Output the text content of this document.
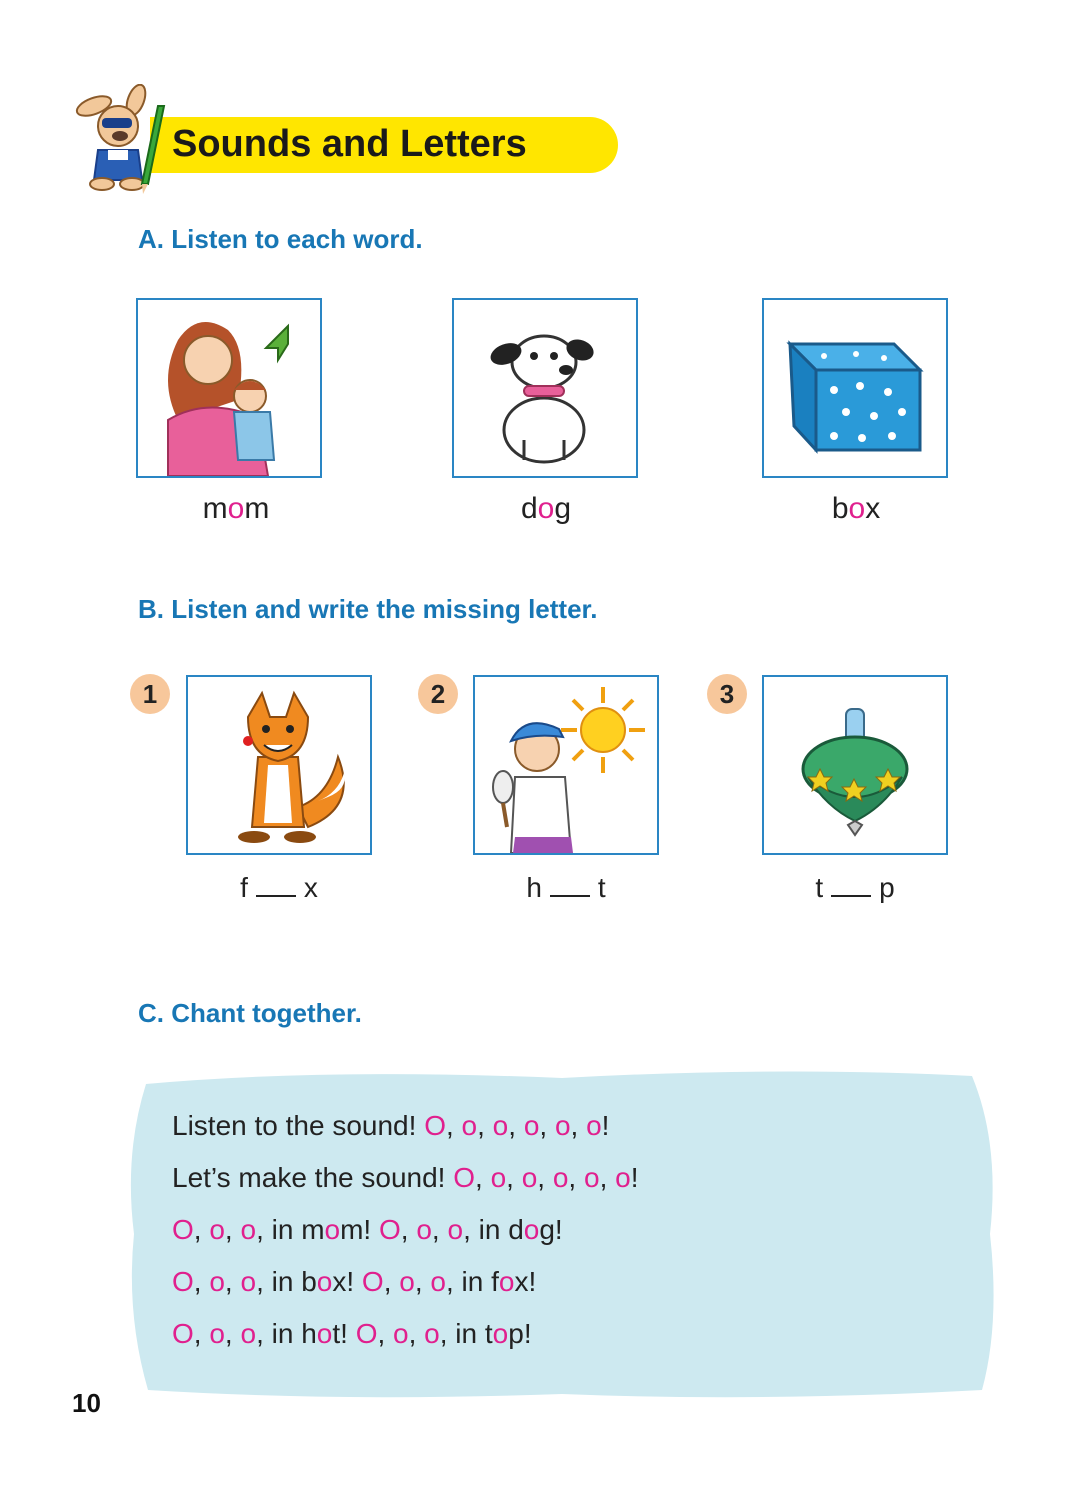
Sounds and Letters
A. Listen to each word.
mom	dog	box
B. Listen and write the missing letter.
1
f x
2
h t
3
t p
C. Chant together.
Listen to the sound! O, o, o, o, o, o!
Let’s make the sound! O, o, o, o, o, o!
O, o, o, in mom! O, o, o, in dog!
O, o, o, in box! O, o, o, in fox!
O, o, o, in hot! O, o, o, in top!
10
